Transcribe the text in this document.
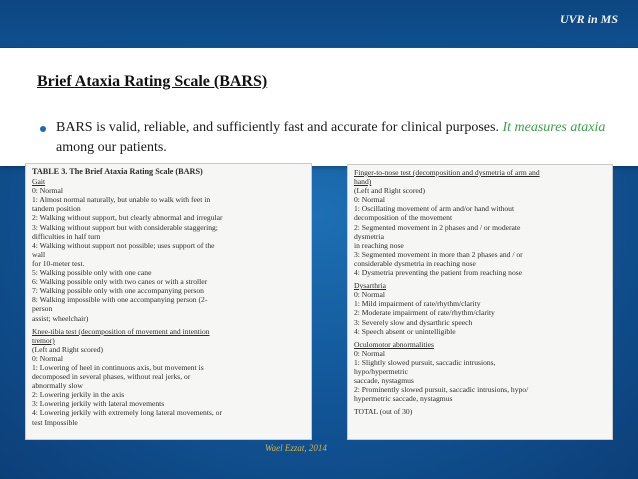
UVR in MS
Brief Ataxia Rating Scale (BARS)
BARS is valid, reliable, and sufficiently fast and accurate for clinical purposes. It measures ataxia among our patients.
TABLE 3. The Brief Ataxia Rating Scale (BARS)
Gait
0: Normal
1: Almost normal naturally, but unable to walk with feet in
tandem position
2: Walking without support, but clearly abnormal and irregular
3: Walking without support but with considerable staggering;
difficulties in half turn
4: Walking without support not possible; uses support of the
wall
for 10-meter test.
5: Walking possible only with one cane
6: Walking possible only with two canes or with a stroller
7: Walking possible only with one accompanying person
8: Walking impossible with one accompanying person (2-
person
assist; wheelchair)
Knee-tibia test (decomposition of movement and intention
tremor)
(Left and Right scored)
0: Normal
1: Lowering of heel in continuous axis, but movement is
decomposed in several phases, without real jerks, or
abnormally slow
2: Lowering jerkily in the axis
3: Lowering jerkily with lateral movements
4: Lowering jerkily with extremely long lateral movements, or
test Impossible
Finger-to-nose test (decomposition and dysmetria of arm and
hand)
(Left and Right scored)
0: Normal
1: Oscillating movement of arm and/or hand without
decomposition of the movement
2: Segmented movement in 2 phases and / or moderate
dysmetria
in reaching nose
3: Segmented movement in more than 2 phases and / or
considerable dysmetria in reaching nose
4: Dysmetria preventing the patient from reaching nose
Dysarthria
0: Normal
1: Mild impairment of rate/rhythm/clarity
2: Moderate impairment of rate/rhythm/clarity
3: Severely slow and dysarthric speech
4: Speech absent or unintelligible
Oculomotor abnormalities
0: Normal
1: Slightly slowed pursuit, saccadic intrusions,
hypo/hypermetric
saccade, nystagmus
2: Prominently slowed pursuit, saccadic intrusions, hypo/
hypermetric saccade, nystagmus
TOTAL (out of 30)
Wael Ezzat, 2014
